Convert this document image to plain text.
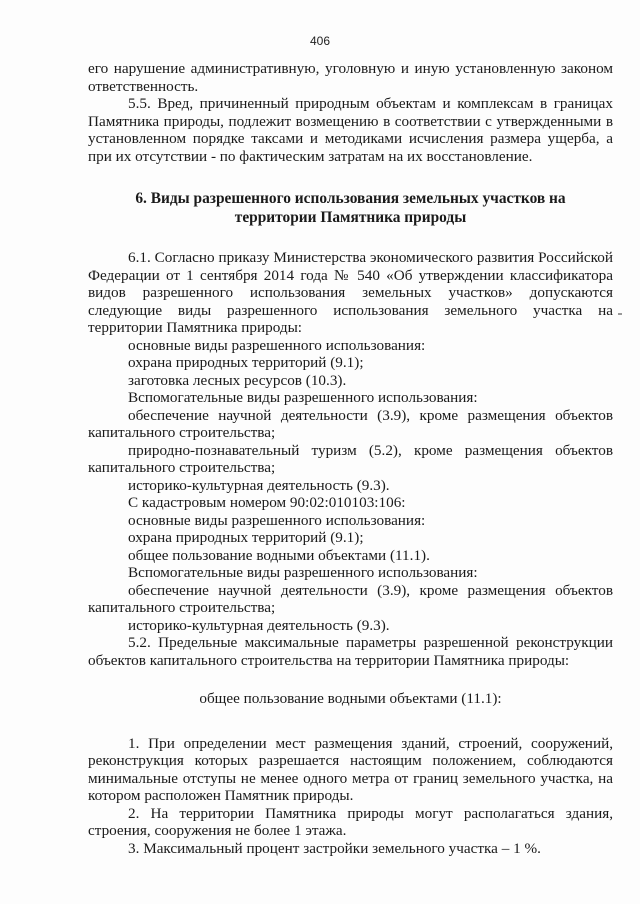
406

его нарушение административную, уголовную и иную установленную законом ответственность.

5.5. Вред, причиненный природным объектам и комплексам в границах Памятника природы, подлежит возмещению в соответствии с утвержденными в установленном порядке таксами и методиками исчисления размера ущерба, а при их отсутствии - по фактическим затратам на их восстановление.

6. Виды разрешенного использования земельных участков на территории Памятника природы

6.1. Согласно приказу Министерства экономического развития Российской Федерации от 1 сентября 2014 года № 540 «Об утверждении классификатора видов разрешенного использования земельных участков» допускаются следующие виды разрешенного использования земельного участка на территории Памятника природы:

основные виды разрешенного использования:
охрана природных территорий (9.1);
заготовка лесных ресурсов (10.3).
Вспомогательные виды разрешенного использования:
обеспечение научной деятельности (3.9), кроме размещения объектов капитального строительства;
природно-познавательный туризм (5.2), кроме размещения объектов капитального строительства;
историко-культурная деятельность (9.3).
С кадастровым номером 90:02:010103:106:
основные виды разрешенного использования:
охрана природных территорий (9.1);
общее пользование водными объектами (11.1).
Вспомогательные виды разрешенного использования:
обеспечение научной деятельности (3.9), кроме размещения объектов капитального строительства;
историко-культурная деятельность (9.3).

5.2. Предельные максимальные параметры разрешенной реконструкции объектов капитального строительства на территории Памятника природы:

общее пользование водными объектами (11.1):

1. При определении мест размещения зданий, строений, сооружений, реконструкция которых разрешается настоящим положением, соблюдаются минимальные отступы не менее одного метра от границ земельного участка, на котором расположен Памятник природы.

2. На территории Памятника природы могут располагаться здания, строения, сооружения не более 1 этажа.

3. Максимальный процент застройки земельного участка – 1 %.
